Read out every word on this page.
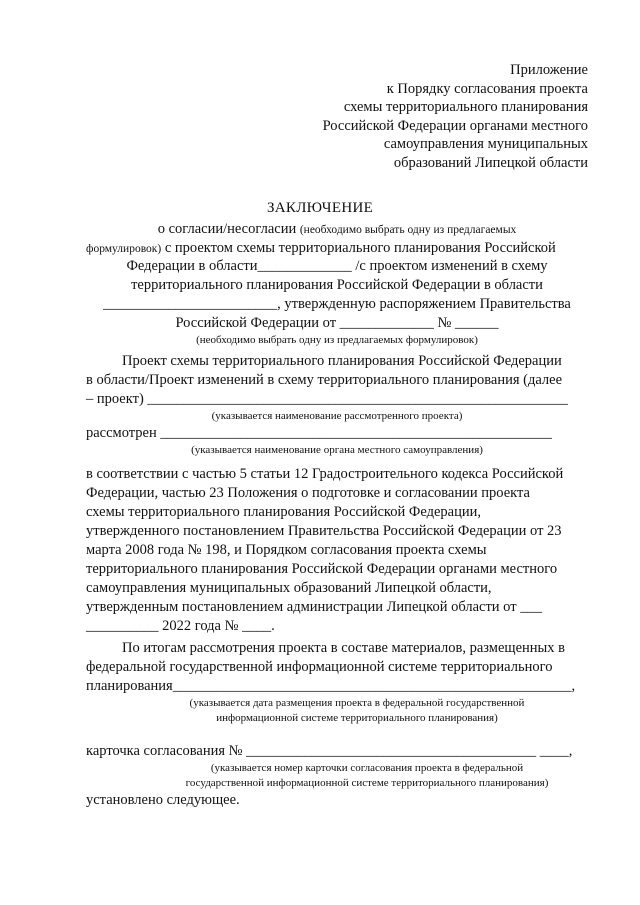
Приложение
к Порядку согласования проекта
схемы территориального планирования
Российской Федерации органами местного
самоуправления муниципальных
образований Липецкой области
ЗАКЛЮЧЕНИЕ
о согласии/несогласии (необходимо выбрать одну из предлагаемых
формулировок) с проектом схемы территориального планирования Российской
Федерации в области_____________ /с проектом изменений в схему
территориального планирования Российской Федерации в области
________________________, утвержденную распоряжением Правительства
Российской Федерации от _____________ № ______
(необходимо выбрать одну из предлагаемых формулировок)
Проект схемы территориального планирования Российской Федерации
в области/Проект изменений в схему территориального планирования (далее
– проект) __________________________________________________________
(указывается наименование рассмотренного проекта)
рассмотрен ______________________________________________________
(указывается наименование органа местного самоуправления)
в соответствии с частью 5 статьи 12 Градостроительного кодекса Российской
Федерации, частью 23 Положения о подготовке и согласовании проекта
схемы территориального планирования Российской Федерации,
утвержденного постановлением Правительства Российской Федерации от 23
марта 2008 года № 198, и Порядком согласования проекта схемы
территориального планирования Российской Федерации органами местного
самоуправления муниципальных образований Липецкой области,
утвержденным постановлением администрации Липецкой области от ___
__________ 2022 года № ____.
По итогам рассмотрения проекта в составе материалов, размещенных в
федеральной государственной информационной системе территориального
планирования_______________________________________________________,
(указывается дата размещения проекта в федеральной государственной
информационной системе территориального планирования)
карточка согласования № ________________________________________ ____,
(указывается номер карточки согласования проекта в федеральной
государственной информационной системе территориального планирования)
установлено следующее.
